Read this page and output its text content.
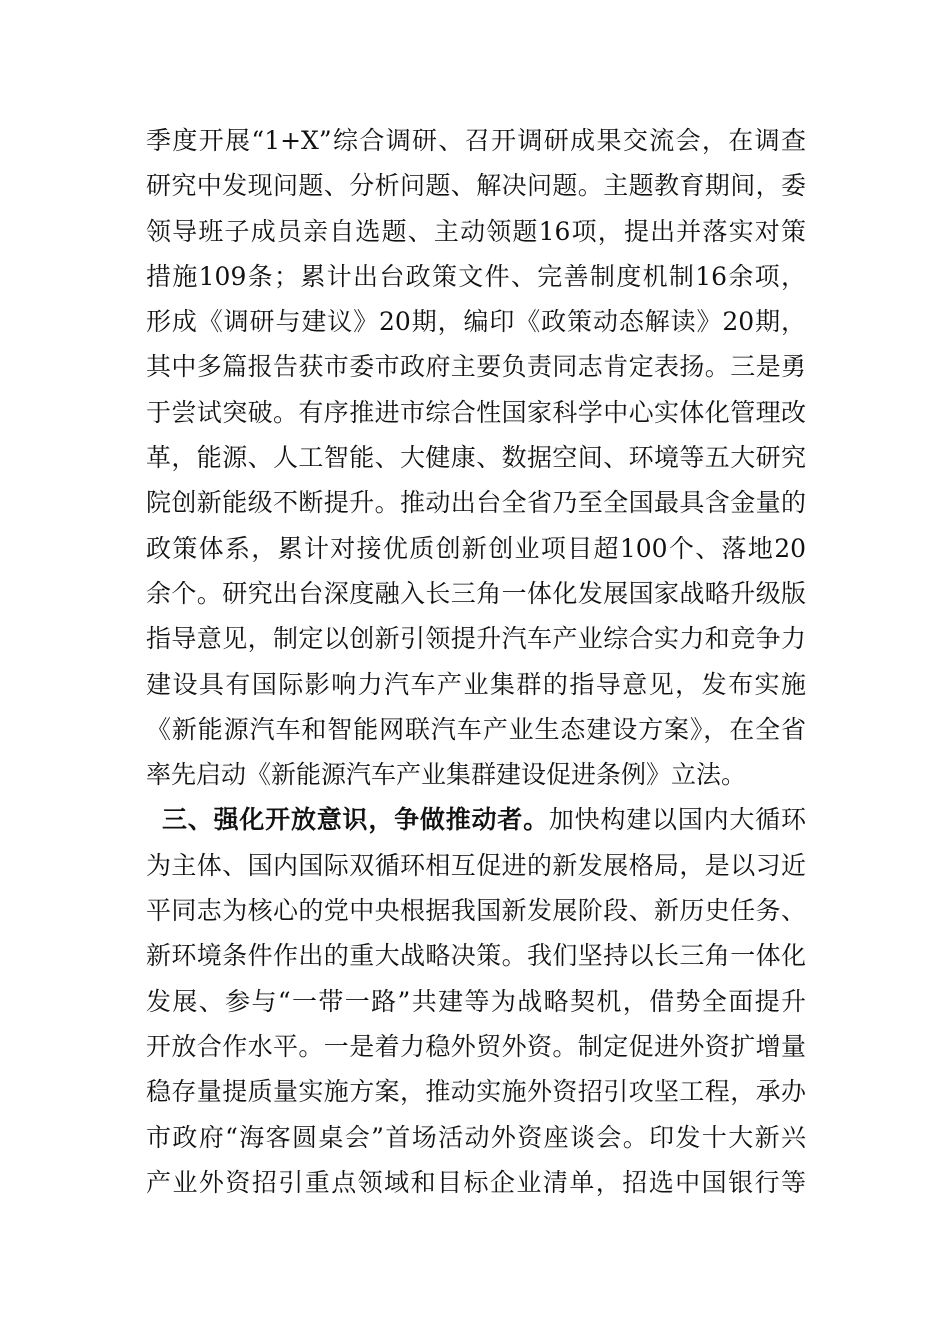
季度开展“1+X”综合调研、召开调研成果交流会，在调查
研究中发现问题、分析问题、解决问题。主题教育期间，委
领导班子成员亲自选题、主动领题16项，提出并落实对策
措施109条；累计出台政策文件、完善制度机制16余项，
形成《调研与建议》20期，编印《政策动态解读》20期，
其中多篇报告获市委市政府主要负责同志肯定表扬。三是勇
于尝试突破。有序推进市综合性国家科学中心实体化管理改
革，能源、人工智能、大健康、数据空间、环境等五大研究
院创新能级不断提升。推动出台全省乃至全国最具含金量的
政策体系，累计对接优质创新创业项目超100个、落地20
余个。研究出台深度融入长三角一体化发展国家战略升级版
指导意见，制定以创新引领提升汽车产业综合实力和竞争力
建设具有国际影响力汽车产业集群的指导意见，发布实施
《新能源汽车和智能网联汽车产业生态建设方案》，在全省
率先启动《新能源汽车产业集群建设促进条例》立法。
三、强化开放意识，争做推动者。加快构建以国内大循环
为主体、国内国际双循环相互促进的新发展格局，是以习近
平同志为核心的党中央根据我国新发展阶段、新历史任务、
新环境条件作出的重大战略决策。我们坚持以长三角一体化
发展、参与“一带一路”共建等为战略契机，借势全面提升
开放合作水平。一是着力稳外贸外资。制定促进外资扩增量
稳存量提质量实施方案，推动实施外资招引攻坚工程，承办
市政府“海客圆桌会”首场活动外资座谈会。印发十大新兴
产业外资招引重点领域和目标企业清单，招选中国银行等
